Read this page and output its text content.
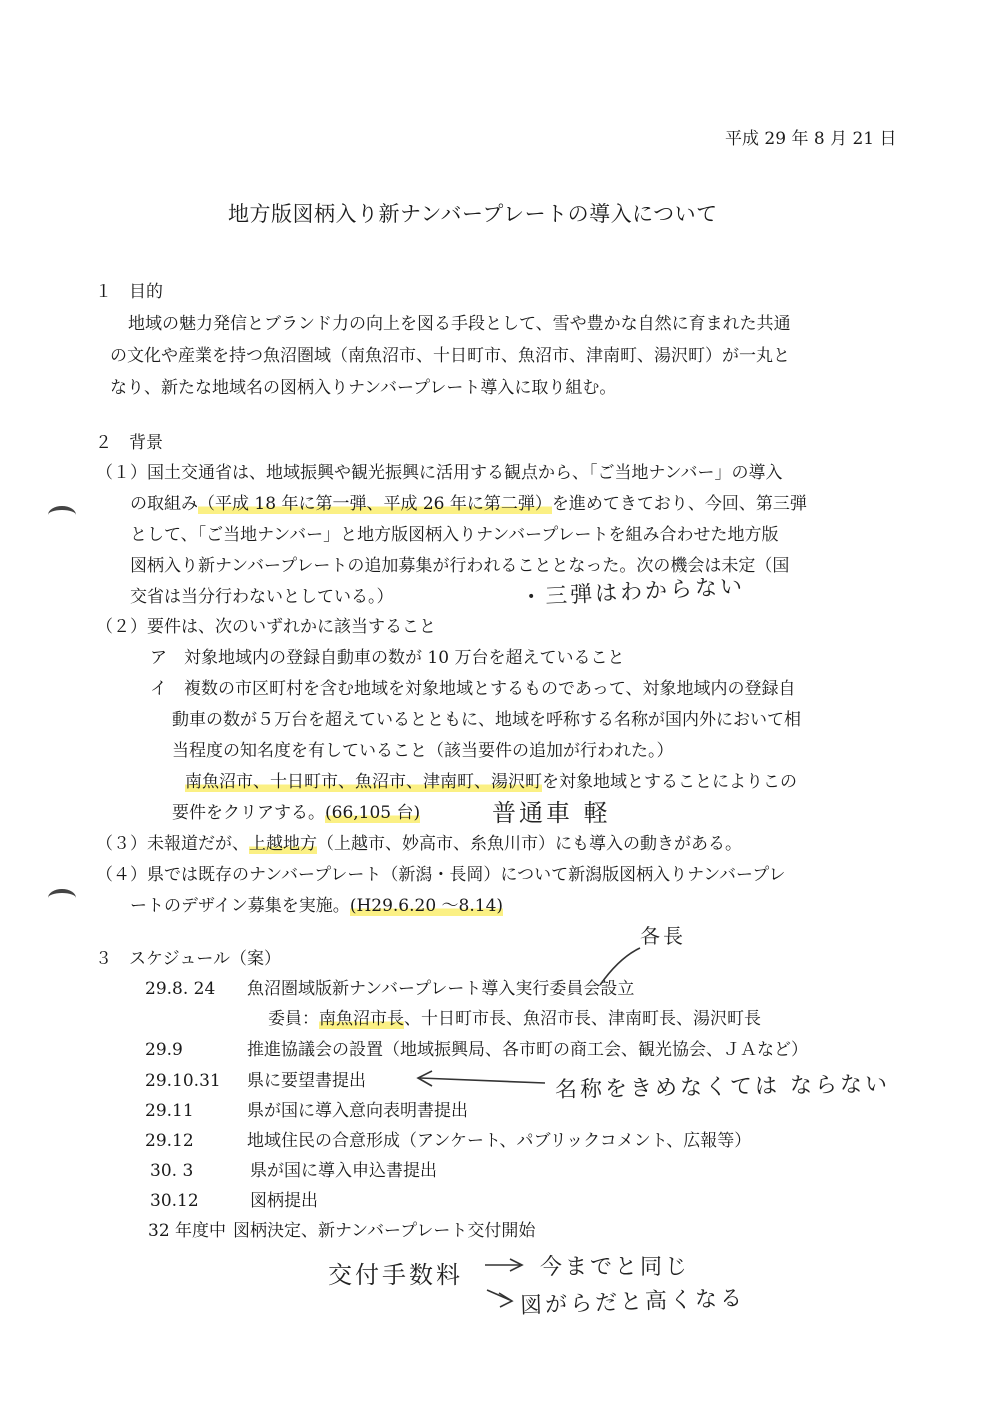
平成 29 年 8 月 21 日
地方版図柄入り新ナンバープレートの導入について
１　目的
地域の魅力発信とブランド力の向上を図る手段として、雪や豊かな自然に育まれた共通
の文化や産業を持つ魚沼圏域（南魚沼市、十日町市、魚沼市、津南町、湯沢町）が一丸と
なり、新たな地域名の図柄入りナンバープレート導入に取り組む。
２　背景
（１）国土交通省は、地域振興や観光振興に活用する観点から、「ご当地ナンバー」の導入
の取組み（平成 18 年に第一弾、平成 26 年に第二弾）を進めてきており、今回、第三弾
として、「ご当地ナンバー」と地方版図柄入りナンバープレートを組み合わせた地方版
図柄入り新ナンバープレートの追加募集が行われることとなった。次の機会は未定（国
交省は当分行わないとしている。）
（２）要件は、次のいずれかに該当すること
ア　対象地域内の登録自動車の数が 10 万台を超えていること
イ　複数の市区町村を含む地域を対象地域とするものであって、対象地域内の登録自
動車の数が５万台を超えているとともに、地域を呼称する名称が国内外において相
当程度の知名度を有していること（該当要件の追加が行われた。）
南魚沼市、十日町市、魚沼市、津南町、湯沢町を対象地域とすることによりこの
要件をクリアする。(66,105 台)
（３）未報道だが、上越地方（上越市、妙高市、糸魚川市）にも導入の動きがある。
（４）県では既存のナンバープレート（新潟・長岡）について新潟版図柄入りナンバープレ
ートのデザイン募集を実施。(H29.6.20 〜8.14)
３　スケジュール（案）
29.8. 24 魚沼圏域版新ナンバープレート導入実行委員会設立
委員：南魚沼市長、十日町市長、魚沼市長、津南町長、湯沢町長
29.9	推進協議会の設置（地域振興局、各市町の商工会、観光協会、ＪＡなど）
29.10.31 県に要望書提出
29.11	県が国に導入意向表明書提出
29.12	地域住民の合意形成（アンケート、パブリックコメント、広報等）
30. 3	県が国に導入申込書提出
30.12	図柄提出
32 年度中 図柄決定、新ナンバープレート交付開始
・三弾はわからない
普通車 軽
各長
名称をきめなくては ならない
交付手数料	今までと同じ
図がらだと高くなる
